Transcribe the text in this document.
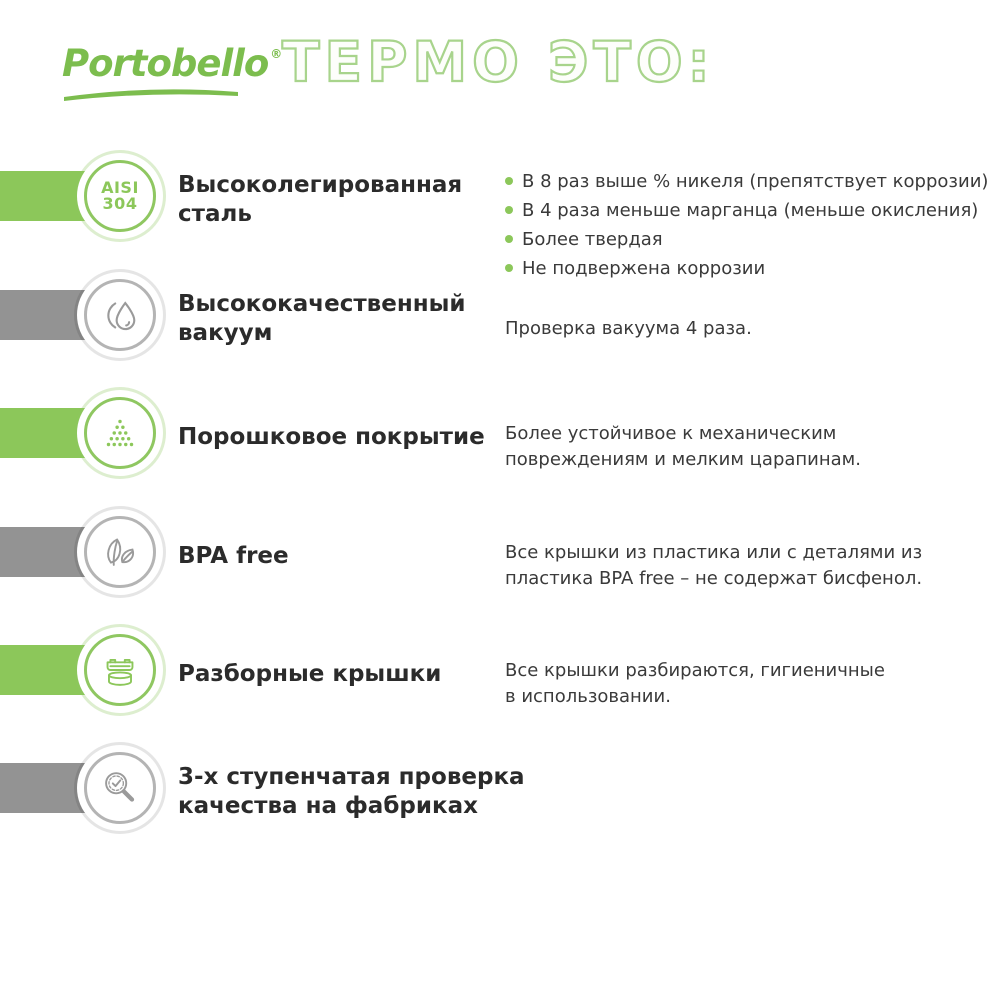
Portobello ® ТЕРМО ЭТО:
AISI
304
Высоколегированная
сталь
В 8 раз выше % никеля (препятствует коррозии)
В 4 раза меньше марганца (меньше окисления)
Более твердая
Не подвержена коррозии
Высококачественный
вакуум	Проверка вакуума 4 раза.
Порошковое покрытие	Более устойчивое к механическим
повреждениям и мелким царапинам.
BPA free	Все крышки из пластика или с деталями из
пластика BPA free – не содержат бисфенол.
Разборные крышки	Все крышки разбираются, гигиеничные
в использовании.
3-х ступенчатая проверка
качества на фабриках
